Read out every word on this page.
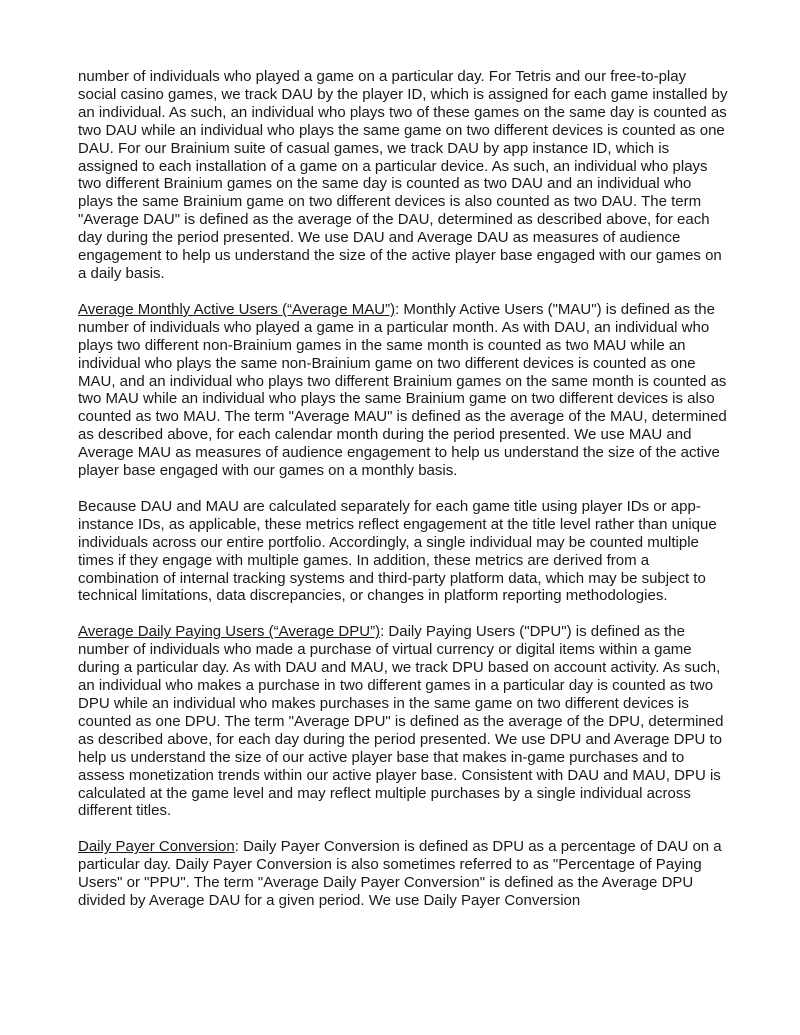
number of individuals who played a game on a particular day. For Tetris and our free-to-play social casino games, we track DAU by the player ID, which is assigned for each game installed by an individual. As such, an individual who plays two of these games on the same day is counted as two DAU while an individual who plays the same game on two different devices is counted as one DAU. For our Brainium suite of casual games, we track DAU by app instance ID, which is assigned to each installation of a game on a particular device. As such, an individual who plays two different Brainium games on the same day is counted as two DAU and an individual who plays the same Brainium game on two different devices is also counted as two DAU. The term "Average DAU" is defined as the average of the DAU, determined as described above, for each day during the period presented. We use DAU and Average DAU as measures of audience engagement to help us understand the size of the active player base engaged with our games on a daily basis.

Average Monthly Active Users (“Average MAU”): Monthly Active Users ("MAU") is defined as the number of individuals who played a game in a particular month. As with DAU, an individual who plays two different non-Brainium games in the same month is counted as two MAU while an individual who plays the same non-Brainium game on two different devices is counted as one MAU, and an individual who plays two different Brainium games on the same month is counted as two MAU while an individual who plays the same Brainium game on two different devices is also counted as two MAU. The term "Average MAU" is defined as the average of the MAU, determined as described above, for each calendar month during the period presented. We use MAU and Average MAU as measures of audience engagement to help us understand the size of the active player base engaged with our games on a monthly basis.

Because DAU and MAU are calculated separately for each game title using player IDs or app-instance IDs, as applicable, these metrics reflect engagement at the title level rather than unique individuals across our entire portfolio. Accordingly, a single individual may be counted multiple times if they engage with multiple games. In addition, these metrics are derived from a combination of internal tracking systems and third-party platform data, which may be subject to technical limitations, data discrepancies, or changes in platform reporting methodologies.

Average Daily Paying Users (“Average DPU”): Daily Paying Users ("DPU") is defined as the number of individuals who made a purchase of virtual currency or digital items within a game during a particular day. As with DAU and MAU, we track DPU based on account activity. As such, an individual who makes a purchase in two different games in a particular day is counted as two DPU while an individual who makes purchases in the same game on two different devices is counted as one DPU. The term "Average DPU" is defined as the average of the DPU, determined as described above, for each day during the period presented. We use DPU and Average DPU to help us understand the size of our active player base that makes in-game purchases and to assess monetization trends within our active player base. Consistent with DAU and MAU, DPU is calculated at the game level and may reflect multiple purchases by a single individual across different titles.

Daily Payer Conversion: Daily Payer Conversion is defined as DPU as a percentage of DAU on a particular day. Daily Payer Conversion is also sometimes referred to as "Percentage of Paying Users" or "PPU". The term "Average Daily Payer Conversion" is defined as the Average DPU divided by Average DAU for a given period. We use Daily Payer Conversion
